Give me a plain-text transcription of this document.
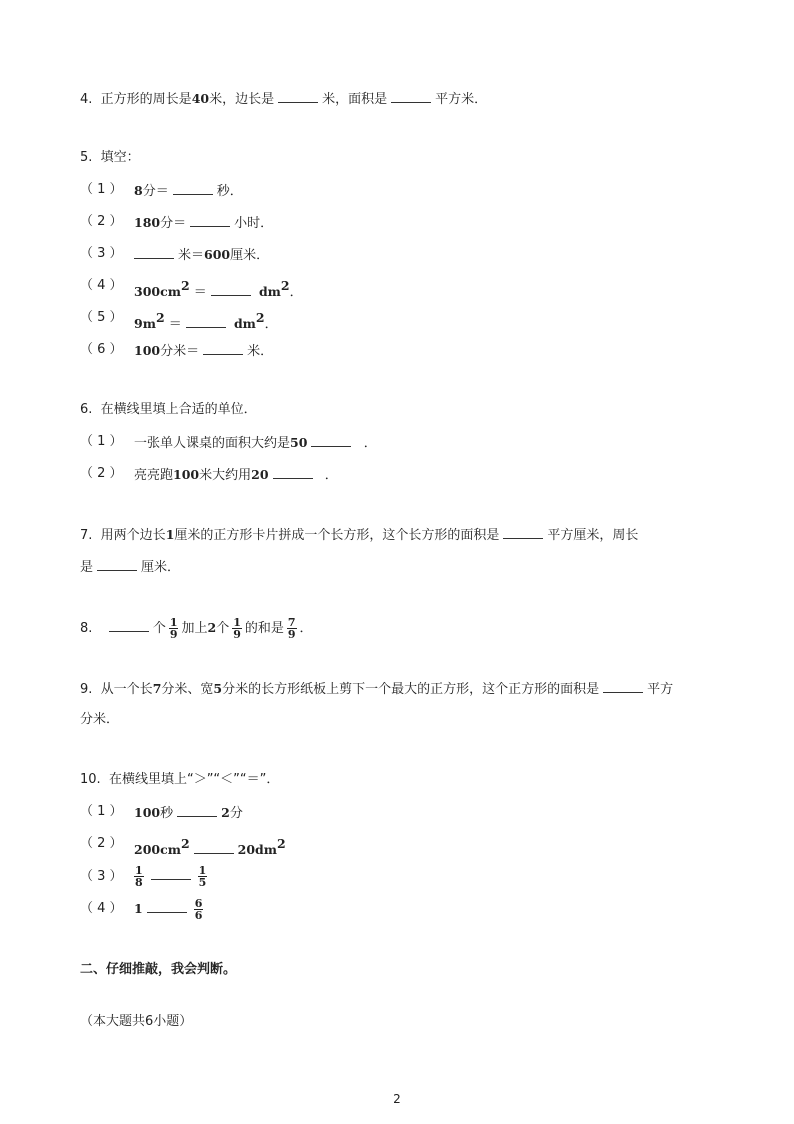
4. 正方形的周长是40米，边长是	米，面积是	平方米．
5. 填空：
（ 1 ） 8分＝	秒．
（ 2 ） 180分＝	小时．
（ 3 ）	米＝600厘米．
（ 4 ） $300cm^2$ ＝	$dm^2$．
（ 5 ） $9m^2$ ＝	$dm^2$．
（ 6 ） 100分米＝	米．
6. 在横线里填上合适的单位．
（ 1 ） 一张单人课桌的面积大约是50	．
（ 2 ） 亮亮跑100米大约用20	．
7. 用两个边长1厘米的正方形卡片拼成一个长方形，这个长方形的面积是	平方厘米，周长
是	厘米．
8.	个 $\frac{1}{9}$ 加上2个 $\frac{1}{9}$ 的和是 $\frac{7}{9}$ ．
9. 从一个长7分米、宽5分米的长方形纸板上剪下一个最大的正方形，这个正方形的面积是	平方
分米．
10. 在横线里填上“＞”“＜”“＝”．
（ 1 ） 100秒	2分
（ 2 ） $200cm^2$	$20dm^2$
（ 3 ） $\frac{1}{8}$	$\frac{1}{5}$
（ 4 ） 1	$\frac{6}{6}$
二、仔细推敲，我会判断。
（本大题共6小题）
2
